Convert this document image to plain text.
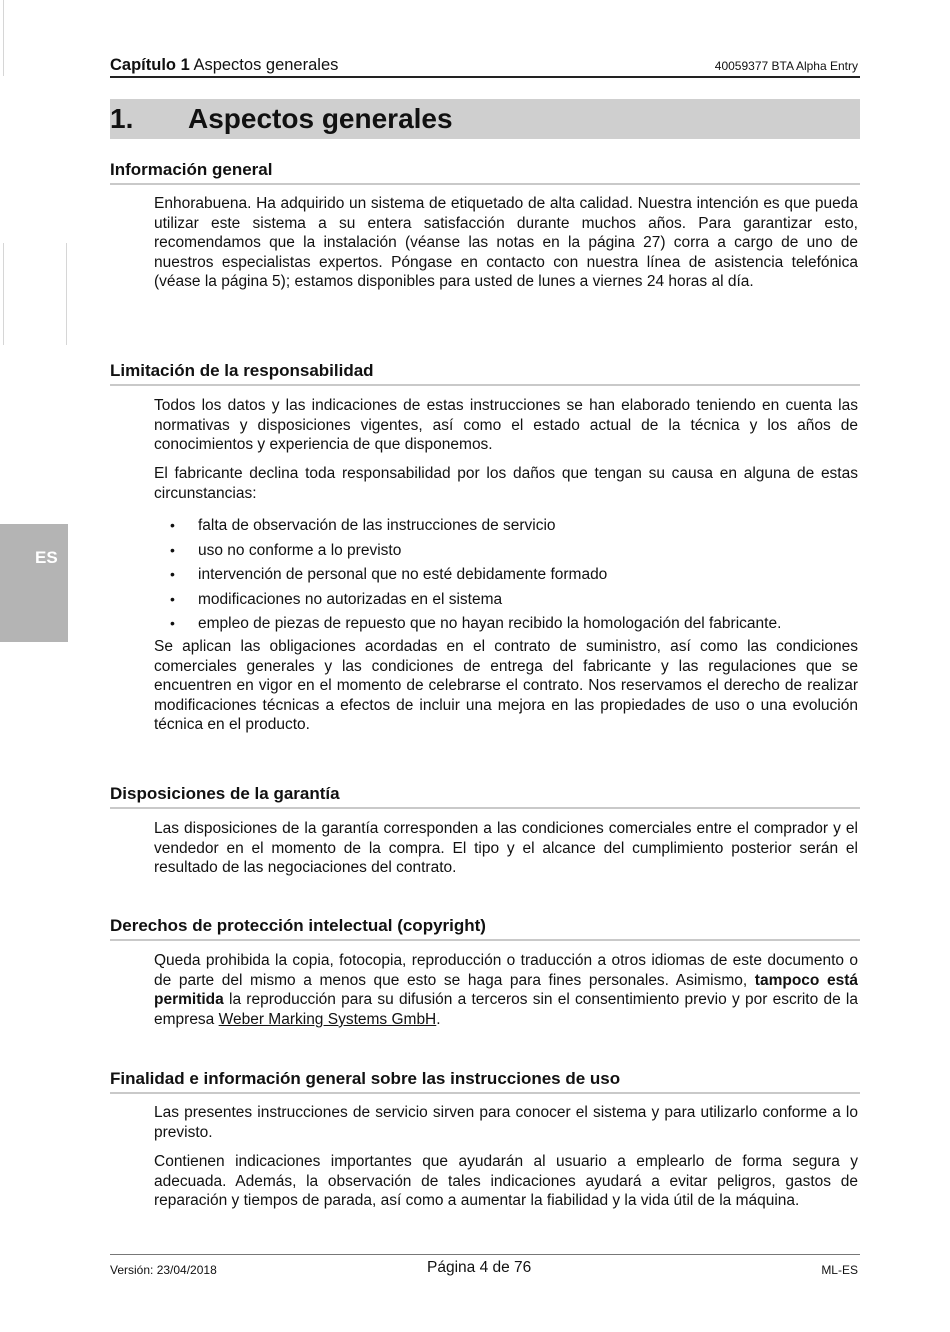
ES
Capítulo 1 Aspectos generales	40059377 BTA Alpha Entry
1. Aspectos generales
Información general

Enhorabuena. Ha adquirido un sistema de etiquetado de alta calidad. Nuestra intención es que pueda utilizar este sistema a su entera satisfacción durante muchos años. Para garantizar esto, recomendamos que la instalación (véanse las notas en la página 27) corra a cargo de uno de nuestros especialistas expertos. Póngase en contacto con nuestra línea de asistencia telefónica (véase la página 5); estamos disponibles para usted de lunes a viernes 24 horas al día.

Limitación de la responsabilidad

Todos los datos y las indicaciones de estas instrucciones se han elaborado teniendo en cuenta las normativas y disposiciones vigentes, así como el estado actual de la técnica y los años de conocimientos y experiencia de que disponemos.

El fabricante declina toda responsabilidad por los daños que tengan su causa en alguna de estas circunstancias:

• falta de observación de las instrucciones de servicio
• uso no conforme a lo previsto
• intervención de personal que no esté debidamente formado
• modificaciones no autorizadas en el sistema
• empleo de piezas de repuesto que no hayan recibido la homologación del fabricante.

Se aplican las obligaciones acordadas en el contrato de suministro, así como las condiciones comerciales generales y las condiciones de entrega del fabricante y las regulaciones que se encuentren en vigor en el momento de celebrarse el contrato. Nos reservamos el derecho de realizar modificaciones técnicas a efectos de incluir una mejora en las propiedades de uso o una evolución técnica en el producto.

Disposiciones de la garantía

Las disposiciones de la garantía corresponden a las condiciones comerciales entre el comprador y el vendedor en el momento de la compra. El tipo y el alcance del cumplimiento posterior serán el resultado de las negociaciones del contrato.

Derechos de protección intelectual (copyright)

Queda prohibida la copia, fotocopia, reproducción o traducción a otros idiomas de este documento o de parte del mismo a menos que esto se haga para fines personales. Asimismo, tampoco está permitida la reproducción para su difusión a terceros sin el consentimiento previo y por escrito de la empresa Weber Marking Systems GmbH.

Finalidad e información general sobre las instrucciones de uso

Las presentes instrucciones de servicio sirven para conocer el sistema y para utilizarlo conforme a lo previsto.

Contienen indicaciones importantes que ayudarán al usuario a emplearlo de forma segura y adecuada. Además, la observación de tales indicaciones ayudará a evitar peligros, gastos de reparación y tiempos de parada, así como a aumentar la fiabilidad y la vida útil de la máquina.

Versión: 23/04/2018	Página 4 de 76	ML-ES
